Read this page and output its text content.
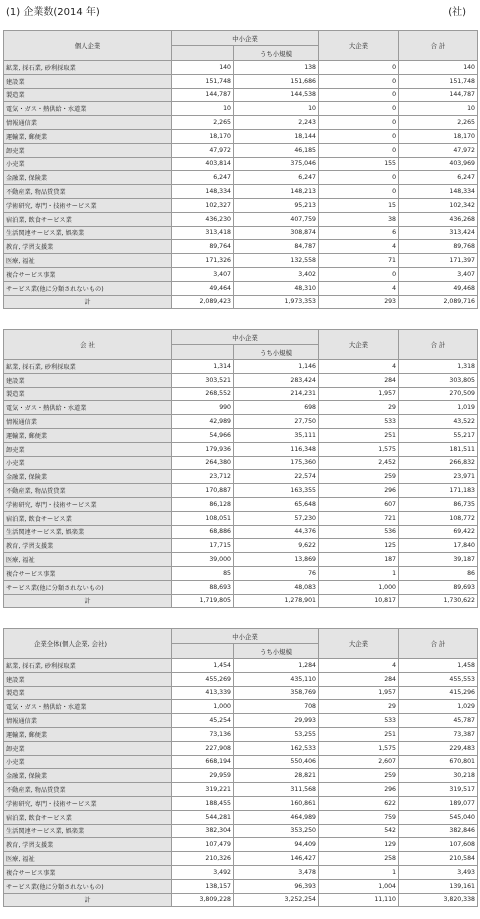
(1) 企業数(2014 年)	(社)
個人企業	中小企業		大企業	合 計
		うち小規模		
鉱業, 採石業, 砂利採取業	140	138	0	140
建設業	151,748	151,686	0	151,748
製造業	144,787	144,538	0	144,787
電気・ガス・熱供給・水道業	10	10	0	10
情報通信業	2,265	2,243	0	2,265
運輸業, 郵便業	18,170	18,144	0	18,170
卸売業	47,972	46,185	0	47,972
小売業	403,814	375,046	155	403,969
金融業, 保険業	6,247	6,247	0	6,247
不動産業, 物品賃貸業	148,334	148,213	0	148,334
学術研究, 専門・技術サービス業	102,327	95,213	15	102,342
宿泊業, 飲食サービス業	436,230	407,759	38	436,268
生活関連サービス業, 娯楽業	313,418	308,874	6	313,424
教育, 学習支援業	89,764	84,787	4	89,768
医療, 福祉	171,326	132,558	71	171,397
複合サービス事業	3,407	3,402	0	3,407
サービス業(他に分類されないもの)	49,464	48,310	4	49,468
計	2,089,423	1,973,353	293	2,089,716
会 社	中小企業		大企業	合 計
		うち小規模		
鉱業, 採石業, 砂利採取業	1,314	1,146	4	1,318
建設業	303,521	283,424	284	303,805
製造業	268,552	214,231	1,957	270,509
電気・ガス・熱供給・水道業	990	698	29	1,019
情報通信業	42,989	27,750	533	43,522
運輸業, 郵便業	54,966	35,111	251	55,217
卸売業	179,936	116,348	1,575	181,511
小売業	264,380	175,360	2,452	266,832
金融業, 保険業	23,712	22,574	259	23,971
不動産業, 物品賃貸業	170,887	163,355	296	171,183
学術研究, 専門・技術サービス業	86,128	65,648	607	86,735
宿泊業, 飲食サービス業	108,051	57,230	721	108,772
生活関連サービス業, 娯楽業	68,886	44,376	536	69,422
教育, 学習支援業	17,715	9,622	125	17,840
医療, 福祉	39,000	13,869	187	39,187
複合サービス事業	85	76	1	86
サービス業(他に分類されないもの)	88,693	48,083	1,000	89,693
計	1,719,805	1,278,901	10,817	1,730,622
企業全体(個人企業, 会社)	中小企業		大企業	合 計
		うち小規模		
鉱業, 採石業, 砂利採取業	1,454	1,284	4	1,458
建設業	455,269	435,110	284	455,553
製造業	413,339	358,769	1,957	415,296
電気・ガス・熱供給・水道業	1,000	708	29	1,029
情報通信業	45,254	29,993	533	45,787
運輸業, 郵便業	73,136	53,255	251	73,387
卸売業	227,908	162,533	1,575	229,483
小売業	668,194	550,406	2,607	670,801
金融業, 保険業	29,959	28,821	259	30,218
不動産業, 物品賃貸業	319,221	311,568	296	319,517
学術研究, 専門・技術サービス業	188,455	160,861	622	189,077
宿泊業, 飲食サービス業	544,281	464,989	759	545,040
生活関連サービス業, 娯楽業	382,304	353,250	542	382,846
教育, 学習支援業	107,479	94,409	129	107,608
医療, 福祉	210,326	146,427	258	210,584
複合サービス事業	3,492	3,478	1	3,493
サービス業(他に分類されないもの)	138,157	96,393	1,004	139,161
計	3,809,228	3,252,254	11,110	3,820,338
